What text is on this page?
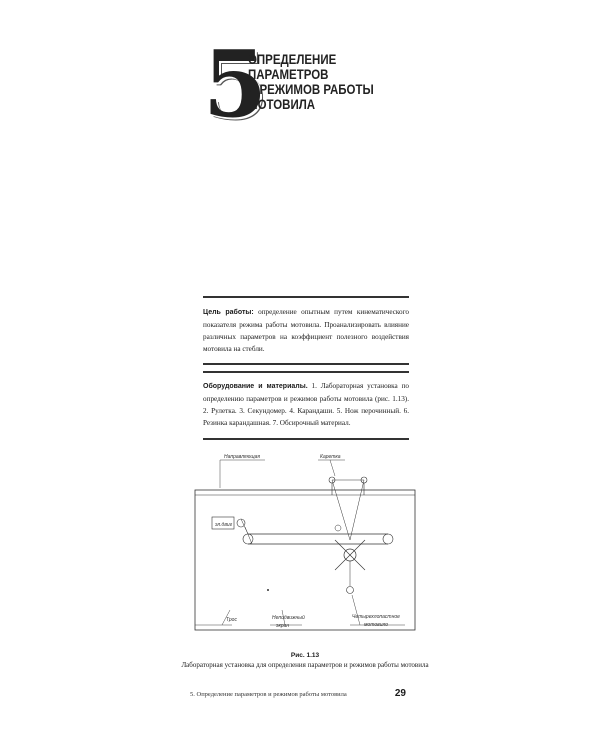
5
ОПРЕДЕЛЕНИЕ
ПАРАМЕТРОВ
И РЕЖИМОВ РАБОТЫ
МОТОВИЛА
Цель работы: определение опытным путем кинематического показателя режима работы мотовила. Проанализировать влияние различных параметров на коэффициент полезного воздействия мотовила на стебли.
Оборудование и материалы. 1. Лабораторная установка по определению параметров и режимов работы мотовила (рис. 1.13). 2. Рулетка. 3. Секундомер. 4. Карандаши. 5. Нож перочинный. 6. Резинка карандашная. 7. Обсирочный материал.
Направляющая	Каретка
эл.двиг
Трос	Неподвижный экран
Четырехлопастное мотовило
Рис. 1.13
Лабораторная установка для определения параметров и режимов работы мотовила
5. Определение параметров и режимов работы мотовила	29
